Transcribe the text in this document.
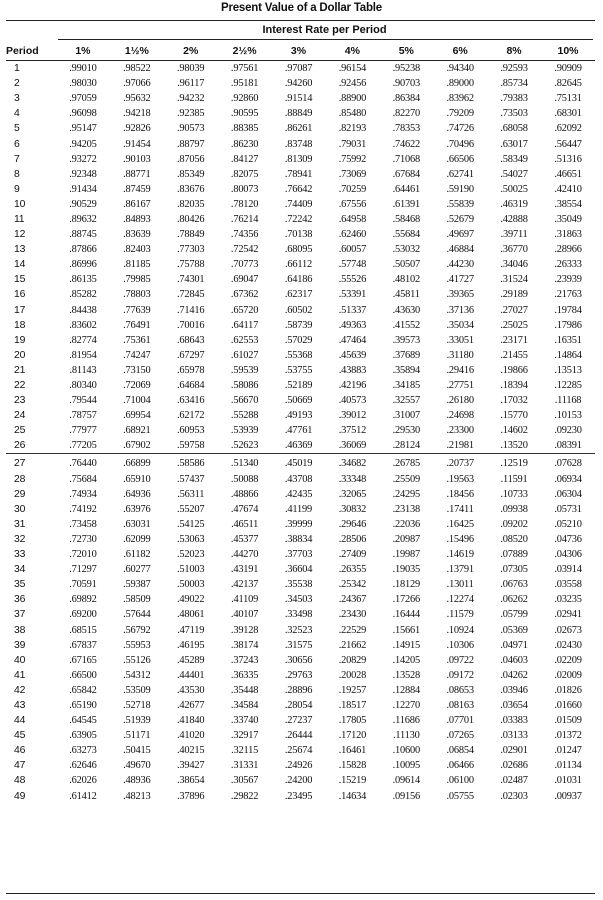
Present Value of a Dollar Table
Interest Rate per Period
Period	1%	1½%	2%	2½%	3%	4%	5%	6%	8%	10%
1	.99010	.98522	.98039	.97561	.97087	.96154	.95238	.94340	.92593	.90909
2	.98030	.97066	.96117	.95181	.94260	.92456	.90703	.89000	.85734	.82645
3	.97059	.95632	.94232	.92860	.91514	.88900	.86384	.83962	.79383	.75131
4	.96098	.94218	.92385	.90595	.88849	.85480	.82270	.79209	.73503	.68301
5	.95147	.92826	.90573	.88385	.86261	.82193	.78353	.74726	.68058	.62092
6	.94205	.91454	.88797	.86230	.83748	.79031	.74622	.70496	.63017	.56447
7	.93272	.90103	.87056	.84127	.81309	.75992	.71068	.66506	.58349	.51316
8	.92348	.88771	.85349	.82075	.78941	.73069	.67684	.62741	.54027	.46651
9	.91434	.87459	.83676	.80073	.76642	.70259	.64461	.59190	.50025	.42410
10	.90529	.86167	.82035	.78120	.74409	.67556	.61391	.55839	.46319	.38554
11	.89632	.84893	.80426	.76214	.72242	.64958	.58468	.52679	.42888	.35049
12	.88745	.83639	.78849	.74356	.70138	.62460	.55684	.49697	.39711	.31863
13	.87866	.82403	.77303	.72542	.68095	.60057	.53032	.46884	.36770	.28966
14	.86996	.81185	.75788	.70773	.66112	.57748	.50507	.44230	.34046	.26333
15	.86135	.79985	.74301	.69047	.64186	.55526	.48102	.41727	.31524	.23939
16	.85282	.78803	.72845	.67362	.62317	.53391	.45811	.39365	.29189	.21763
17	.84438	.77639	.71416	.65720	.60502	.51337	.43630	.37136	.27027	.19784
18	.83602	.76491	.70016	.64117	.58739	.49363	.41552	.35034	.25025	.17986
19	.82774	.75361	.68643	.62553	.57029	.47464	.39573	.33051	.23171	.16351
20	.81954	.74247	.67297	.61027	.55368	.45639	.37689	.31180	.21455	.14864
21	.81143	.73150	.65978	.59539	.53755	.43883	.35894	.29416	.19866	.13513
22	.80340	.72069	.64684	.58086	.52189	.42196	.34185	.27751	.18394	.12285
23	.79544	.71004	.63416	.56670	.50669	.40573	.32557	.26180	.17032	.11168
24	.78757	.69954	.62172	.55288	.49193	.39012	.31007	.24698	.15770	.10153
25	.77977	.68921	.60953	.53939	.47761	.37512	.29530	.23300	.14602	.09230
26	.77205	.67902	.59758	.52623	.46369	.36069	.28124	.21981	.13520	.08391
27	.76440	.66899	.58586	.51340	.45019	.34682	.26785	.20737	.12519	.07628
28	.75684	.65910	.57437	.50088	.43708	.33348	.25509	.19563	.11591	.06934
29	.74934	.64936	.56311	.48866	.42435	.32065	.24295	.18456	.10733	.06304
30	.74192	.63976	.55207	.47674	.41199	.30832	.23138	.17411	.09938	.05731
31	.73458	.63031	.54125	.46511	.39999	.29646	.22036	.16425	.09202	.05210
32	.72730	.62099	.53063	.45377	.38834	.28506	.20987	.15496	.08520	.04736
33	.72010	.61182	.52023	.44270	.37703	.27409	.19987	.14619	.07889	.04306
34	.71297	.60277	.51003	.43191	.36604	.26355	.19035	.13791	.07305	.03914
35	.70591	.59387	.50003	.42137	.35538	.25342	.18129	.13011	.06763	.03558
36	.69892	.58509	.49022	.41109	.34503	.24367	.17266	.12274	.06262	.03235
37	.69200	.57644	.48061	.40107	.33498	.23430	.16444	.11579	.05799	.02941
38	.68515	.56792	.47119	.39128	.32523	.22529	.15661	.10924	.05369	.02673
39	.67837	.55953	.46195	.38174	.31575	.21662	.14915	.10306	.04971	.02430
40	.67165	.55126	.45289	.37243	.30656	.20829	.14205	.09722	.04603	.02209
41	.66500	.54312	.44401	.36335	.29763	.20028	.13528	.09172	.04262	.02009
42	.65842	.53509	.43530	.35448	.28896	.19257	.12884	.08653	.03946	.01826
43	.65190	.52718	.42677	.34584	.28054	.18517	.12270	.08163	.03654	.01660
44	.64545	.51939	.41840	.33740	.27237	.17805	.11686	.07701	.03383	.01509
45	.63905	.51171	.41020	.32917	.26444	.17120	.11130	.07265	.03133	.01372
46	.63273	.50415	.40215	.32115	.25674	.16461	.10600	.06854	.02901	.01247
47	.62646	.49670	.39427	.31331	.24926	.15828	.10095	.06466	.02686	.01134
48	.62026	.48936	.38654	.30567	.24200	.15219	.09614	.06100	.02487	.01031
49	.61412	.48213	.37896	.29822	.23495	.14634	.09156	.05755	.02303	.00937
